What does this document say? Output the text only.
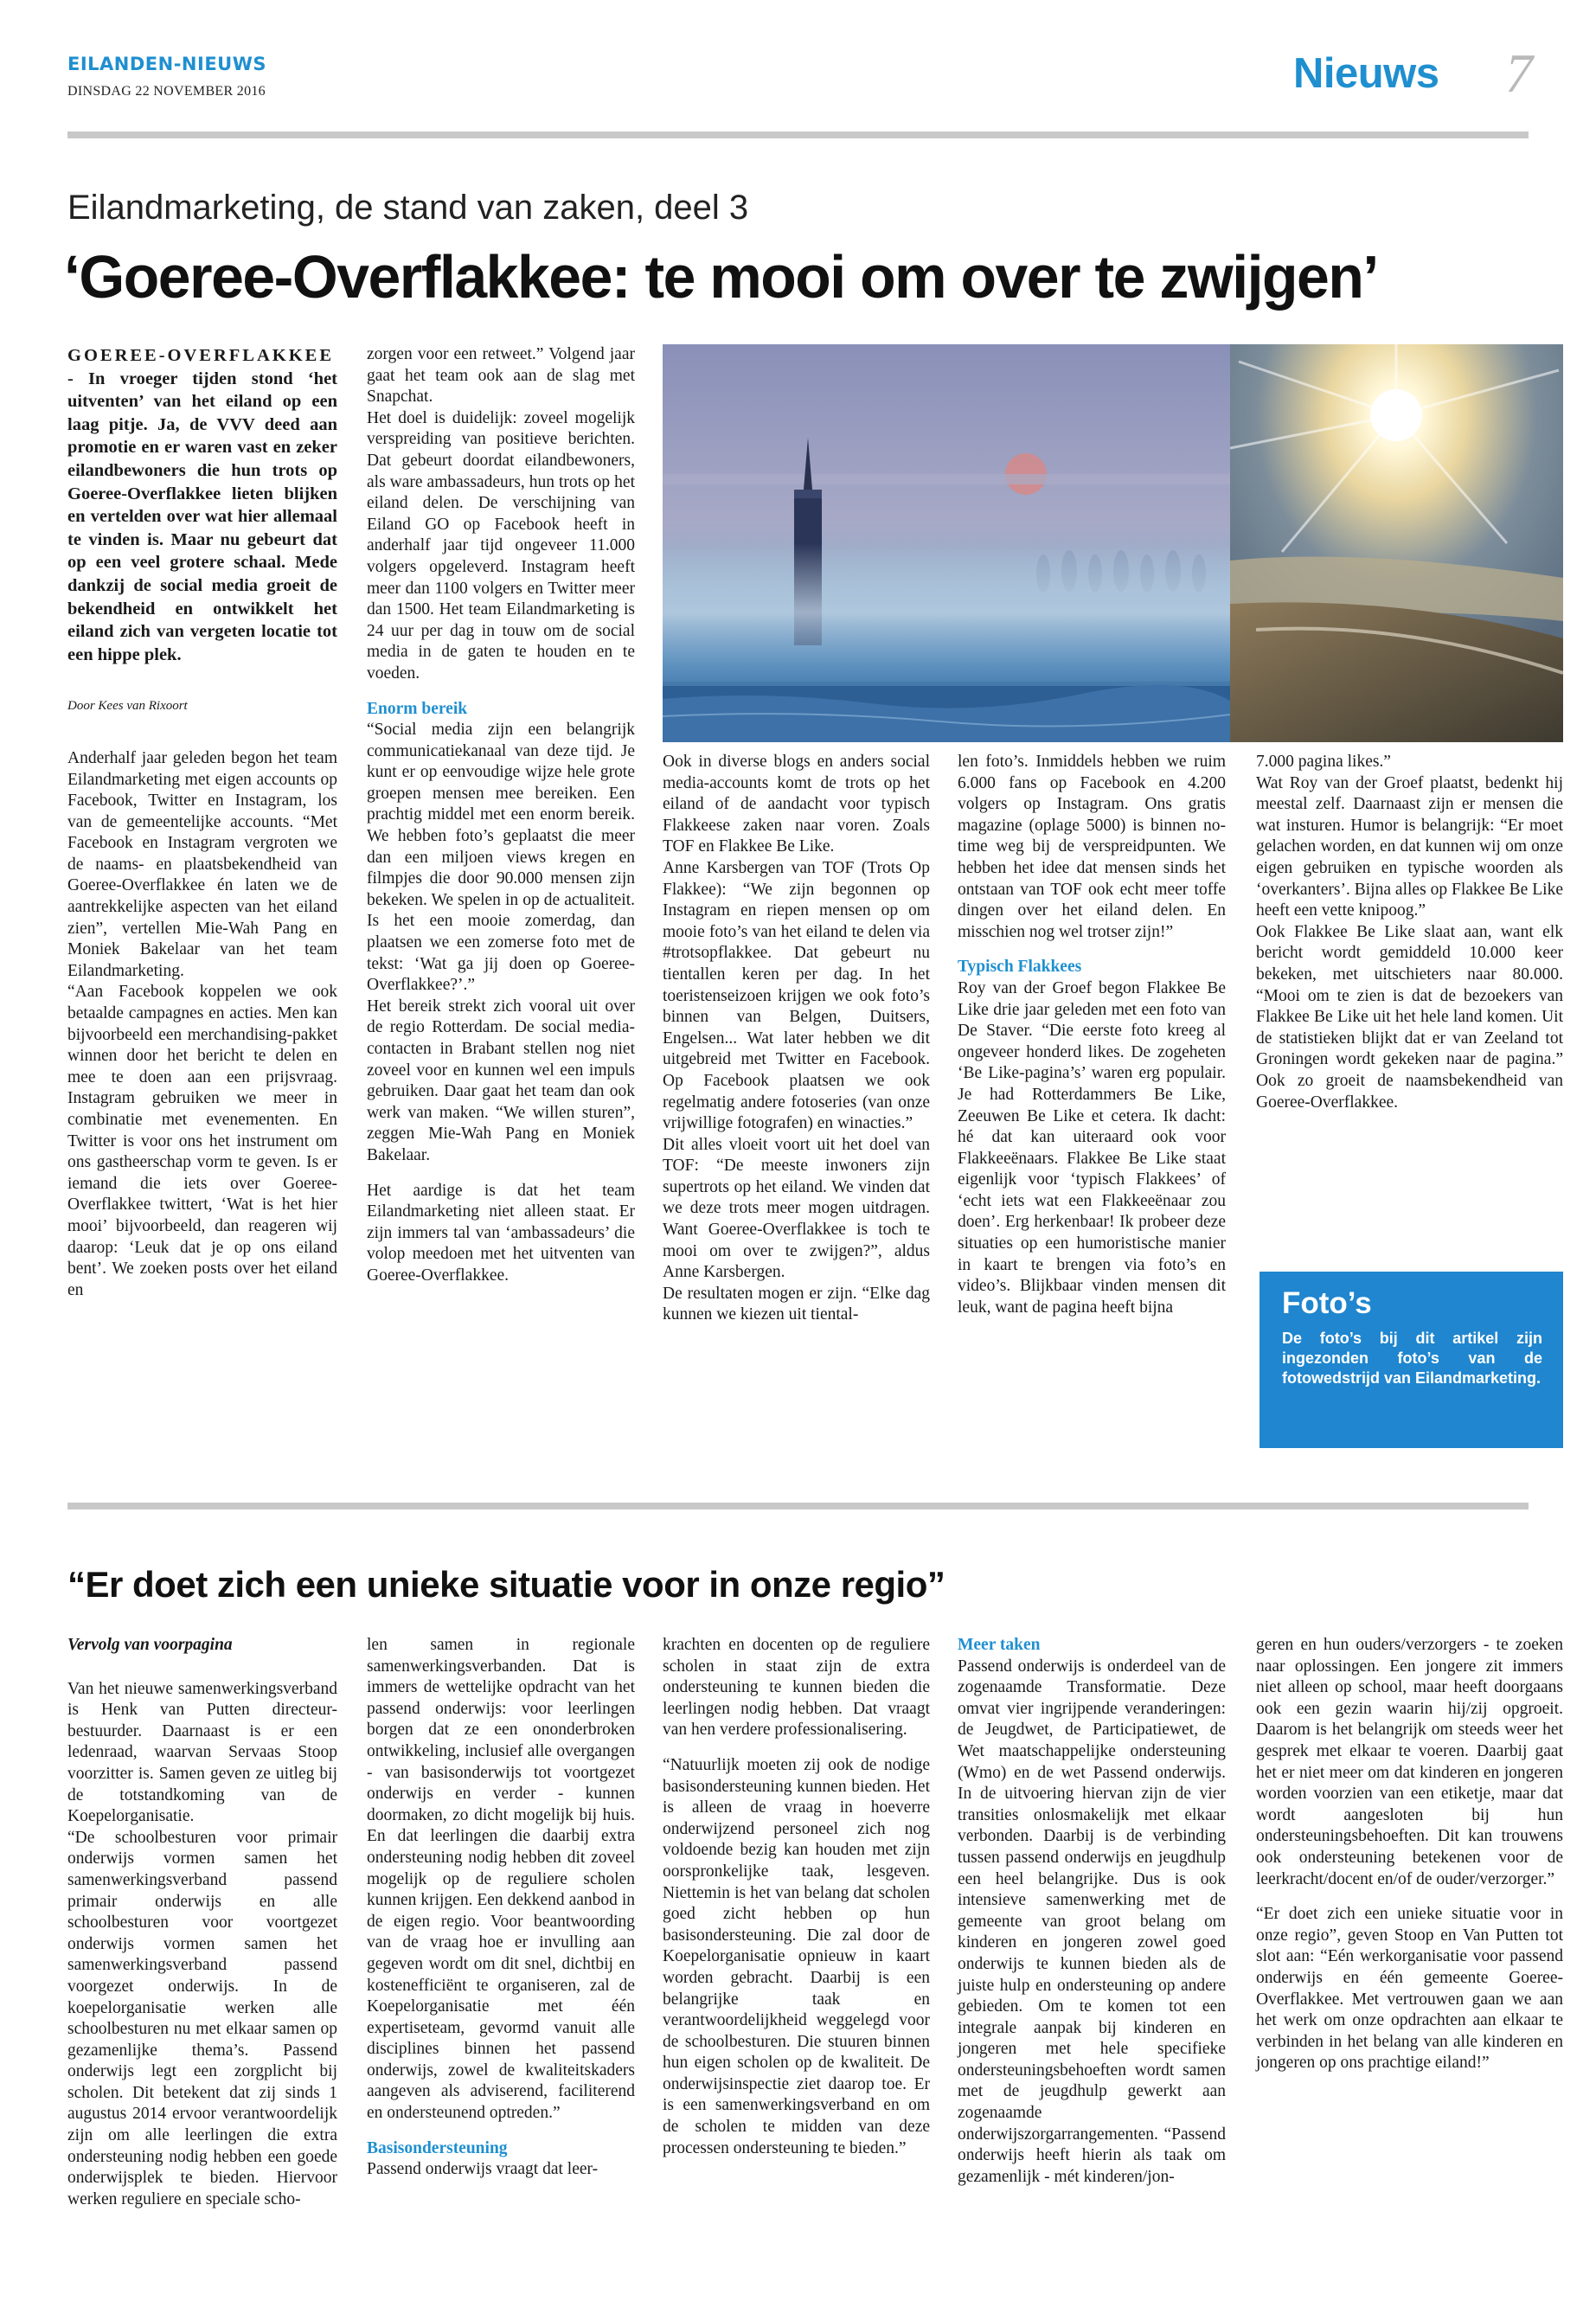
EILANDEN-NIEUWS
DINSDAG 22 NOVEMBER 2016	Nieuws 7
Eilandmarketing, de stand van zaken, deel 3
‘Goeree-Overflakkee: te mooi om over te zwijgen’

GOEREE-OVERFLAKKEE - In vroeger tijden stond ‘het uitventen’ van het eiland op een laag pitje. Ja, de VVV deed aan promotie en er waren vast en zeker eilandbewoners die hun trots op Goeree-Overflakkee lieten blijken en vertelden over wat hier allemaal te vinden is. Maar nu gebeurt dat op een veel grotere schaal. Mede dankzij de social media groeit de bekendheid en ontwikkelt het eiland zich van vergeten locatie tot een hippe plek.

Door Kees van Rixoort

Anderhalf jaar geleden begon het team Eilandmarketing met eigen accounts op Facebook, Twitter en Instagram, los van de gemeentelijke accounts. “Met Facebook en Instagram vergroten we de naams- en plaatsbekendheid van Goeree-Overflakkee én laten we de aantrekkelijke aspecten van het eiland zien”, vertellen Mie-Wah Pang en Moniek Bakelaar van het team Eilandmarketing.

“Aan Facebook koppelen we ook betaalde campagnes en acties. Men kan bijvoorbeeld een merchandising-pakket winnen door het bericht te delen en mee te doen aan een prijsvraag. Instagram gebruiken we meer in combinatie met evenementen. En Twitter is voor ons het instrument om ons gastheerschap vorm te geven. Is er iemand die iets over Goeree-Overflakkee twittert, ‘Wat is het hier mooi’ bijvoorbeeld, dan reageren wij daarop: ‘Leuk dat je op ons eiland bent’. We zoeken posts over het eiland en

zorgen voor een retweet.” Volgend jaar gaat het team ook aan de slag met Snapchat.

Het doel is duidelijk: zoveel mogelijk verspreiding van positieve berichten. Dat gebeurt doordat eilandbewoners, als ware ambassadeurs, hun trots op het eiland delen. De verschijning van Eiland GO op Facebook heeft in anderhalf jaar tijd ongeveer 11.000 volgers opgeleverd. Instagram heeft meer dan 1100 volgers en Twitter meer dan 1500. Het team Eilandmarketing is 24 uur per dag in touw om de social media in de gaten te houden en te voeden.

Enorm bereik

“Social media zijn een belangrijk communicatiekanaal van deze tijd. Je kunt er op eenvoudige wijze hele grote groepen mensen mee bereiken. Een prachtig middel met een enorm bereik. We hebben foto’s geplaatst die meer dan een miljoen views kregen en filmpjes die door 90.000 mensen zijn bekeken. We spelen in op de actualiteit. Is het een mooie zomerdag, dan plaatsen we een zomerse foto met de tekst: ‘Wat ga jij doen op Goeree-Overflakkee?’.”

Het bereik strekt zich vooral uit over de regio Rotterdam. De social media-contacten in Brabant stellen nog niet zoveel voor en kunnen wel een impuls gebruiken. Daar gaat het team dan ook werk van maken. “We willen sturen”, zeggen Mie-Wah Pang en Moniek Bakelaar.

Het aardige is dat het team Eilandmarketing niet alleen staat. Er zijn immers tal van ‘ambassadeurs’ die volop meedoen met het uitventen van Goeree-Overflakkee.

Ook in diverse blogs en anders social media-accounts komt de trots op het eiland of de aandacht voor typisch Flakkeese zaken naar voren. Zoals TOF en Flakkee Be Like.

Anne Karsbergen van TOF (Trots Op Flakkee): “We zijn begonnen op Instagram en riepen mensen op om mooie foto’s van het eiland te delen via #trotsopflakkee. Dat gebeurt nu tientallen keren per dag. In het toeristenseizoen krijgen we ook foto’s binnen van Belgen, Duitsers, Engelsen... Wat later hebben we dit uitgebreid met Twitter en Facebook. Op Facebook plaatsen we ook regelmatig andere fotoseries (van onze vrijwillige fotografen) en winacties.”

Dit alles vloeit voort uit het doel van TOF: “De meeste inwoners zijn supertrots op het eiland. We vinden dat we deze trots meer mogen uitdragen. Want Goeree-Overflakkee is toch te mooi om over te zwijgen?”, aldus Anne Karsbergen.

De resultaten mogen er zijn. “Elke dag kunnen we kiezen uit tiental-

len foto’s. Inmiddels hebben we ruim 6.000 fans op Facebook en 4.200 volgers op Instagram. Ons gratis magazine (oplage 5000) is binnen no-time weg bij de verspreidpunten. We hebben het idee dat mensen sinds het ontstaan van TOF ook echt meer toffe dingen over het eiland delen. En misschien nog wel trotser zijn!”

Typisch Flakkees

Roy van der Groef begon Flakkee Be Like drie jaar geleden met een foto van De Staver. “Die eerste foto kreeg al ongeveer honderd likes. De zogeheten ‘Be Like-pagina’s’ waren erg populair. Je had Rotterdammers Be Like, Zeeuwen Be Like et cetera. Ik dacht: hé dat kan uiteraard ook voor Flakkeeënaars. Flakkee Be Like staat eigenlijk voor ‘typisch Flakkees’ of ‘echt iets wat een Flakkeeënaar zou doen’. Erg herkenbaar! Ik probeer deze situaties op een humoristische manier in kaart te brengen via foto’s en video’s. Blijkbaar vinden mensen dit leuk, want de pagina heeft bijna

7.000 pagina likes.”

Wat Roy van der Groef plaatst, bedenkt hij meestal zelf. Daarnaast zijn er mensen die wat insturen. Humor is belangrijk: “Er moet gelachen worden, en dat kunnen wij om onze eigen gebruiken en typische woorden als ‘overkanters’. Bijna alles op Flakkee Be Like heeft een vette knipoog.”

Ook Flakkee Be Like slaat aan, want elk bericht wordt gemiddeld 10.000 keer bekeken, met uitschieters naar 80.000. “Mooi om te zien is dat de bezoekers van Flakkee Be Like uit het hele land komen. Uit de statistieken blijkt dat er van Zeeland tot Groningen wordt gekeken naar de pagina.” Ook zo groeit de naamsbekendheid van Goeree-Overflakkee.

Foto’s
De foto’s bij dit artikel zijn ingezonden foto’s van de fotowedstrijd van Eilandmarketing.
“Er doet zich een unieke situatie voor in onze regio”

Vervolg van voorpagina

Van het nieuwe samenwerkingsverband is Henk van Putten directeur-bestuurder. Daarnaast is er een ledenraad, waarvan Servaas Stoop voorzitter is. Samen geven ze uitleg bij de totstandkoming van de Koepelorganisatie.

“De schoolbesturen voor primair onderwijs vormen samen het samenwerkingsverband passend primair onderwijs en alle schoolbesturen voor voortgezet onderwijs vormen samen het samenwerkingsverband passend voorgezet onderwijs. In de koepelorganisatie werken alle schoolbesturen nu met elkaar samen op gezamenlijke thema’s. Passend onderwijs legt een zorgplicht bij scholen. Dit betekent dat zij sinds 1 augustus 2014 ervoor verantwoordelijk zijn om alle leerlingen die extra ondersteuning nodig hebben een goede onderwijsplek te bieden. Hiervoor werken reguliere en speciale scho-

len samen in regionale samenwerkingsverbanden. Dat is immers de wettelijke opdracht van het passend onderwijs: voor leerlingen borgen dat ze een ononderbroken ontwikkeling, inclusief alle overgangen - van basisonderwijs tot voortgezet onderwijs en verder - kunnen doormaken, zo dicht mogelijk bij huis. En dat leerlingen die daarbij extra ondersteuning nodig hebben dit zoveel mogelijk op de reguliere scholen kunnen krijgen. Een dekkend aanbod in de eigen regio. Voor beantwoording van de vraag hoe er invulling aan gegeven wordt om dit snel, dichtbij en kostenefficiënt te organiseren, zal de Koepelorganisatie met één expertiseteam, gevormd vanuit alle disciplines binnen het passend onderwijs, zowel de kwaliteitskaders aangeven als adviserend, faciliterend en ondersteunend optreden.”

Basisondersteuning

Passend onderwijs vraagt dat leer-

krachten en docenten op de reguliere scholen in staat zijn de extra ondersteuning te kunnen bieden die leerlingen nodig hebben. Dat vraagt van hen verdere professionalisering.

“Natuurlijk moeten zij ook de nodige basisondersteuning kunnen bieden. Het is alleen de vraag in hoeverre onderwijzend personeel zich nog voldoende bezig kan houden met zijn oorspronkelijke taak, lesgeven. Niettemin is het van belang dat scholen goed zicht hebben op hun basisondersteuning. Die zal door de Koepelorganisatie opnieuw in kaart worden gebracht. Daarbij is een belangrijke taak en verantwoordelijkheid weggelegd voor de schoolbesturen. Die stuuren binnen hun eigen scholen op de kwaliteit. De onderwijsinspectie ziet daarop toe. Er is een samenwerkingsverband en om de scholen te midden van deze processen ondersteuning te bieden.”

Meer taken

Passend onderwijs is onderdeel van de zogenaamde Transformatie. Deze omvat vier ingrijpende veranderingen: de Jeugdwet, de Participatiewet, de Wet maatschappelijke ondersteuning (Wmo) en de wet Passend onderwijs. In de uitvoering hiervan zijn de vier transities onlosmakelijk met elkaar verbonden. Daarbij is de verbinding tussen passend onderwijs en jeugdhulp een heel belangrijke. Dus is ook intensieve samenwerking met de gemeente van groot belang om kinderen en jongeren zowel goed onderwijs te kunnen bieden als de juiste hulp en ondersteuning op andere gebieden. Om te komen tot een integrale aanpak bij kinderen en jongeren met hele specifieke ondersteuningsbehoeften wordt samen met de jeugdhulp gewerkt aan zogenaamde onderwijszorgarrangementen. “Passend onderwijs heeft hierin als taak om gezamenlijk - mét kinderen/jon-

geren en hun ouders/verzorgers - te zoeken naar oplossingen. Een jongere zit immers niet alleen op school, maar heeft doorgaans ook een gezin waarin hij/zij opgroeit. Daarom is het belangrijk om steeds weer het gesprek met elkaar te voeren. Daarbij gaat het er niet meer om dat kinderen en jongeren worden voorzien van een etiketje, maar dat wordt aangesloten bij hun ondersteuningsbehoeften. Dit kan trouwens ook ondersteuning betekenen voor de leerkracht/docent en/of de ouder/verzorger.”

“Er doet zich een unieke situatie voor in onze regio”, geven Stoop en Van Putten tot slot aan: “Eén werkorganisatie voor passend onderwijs en één gemeente Goeree-Overflakkee. Met vertrouwen gaan we aan het werk om onze opdrachten aan elkaar te verbinden in het belang van alle kinderen en jongeren op ons prachtige eiland!”
